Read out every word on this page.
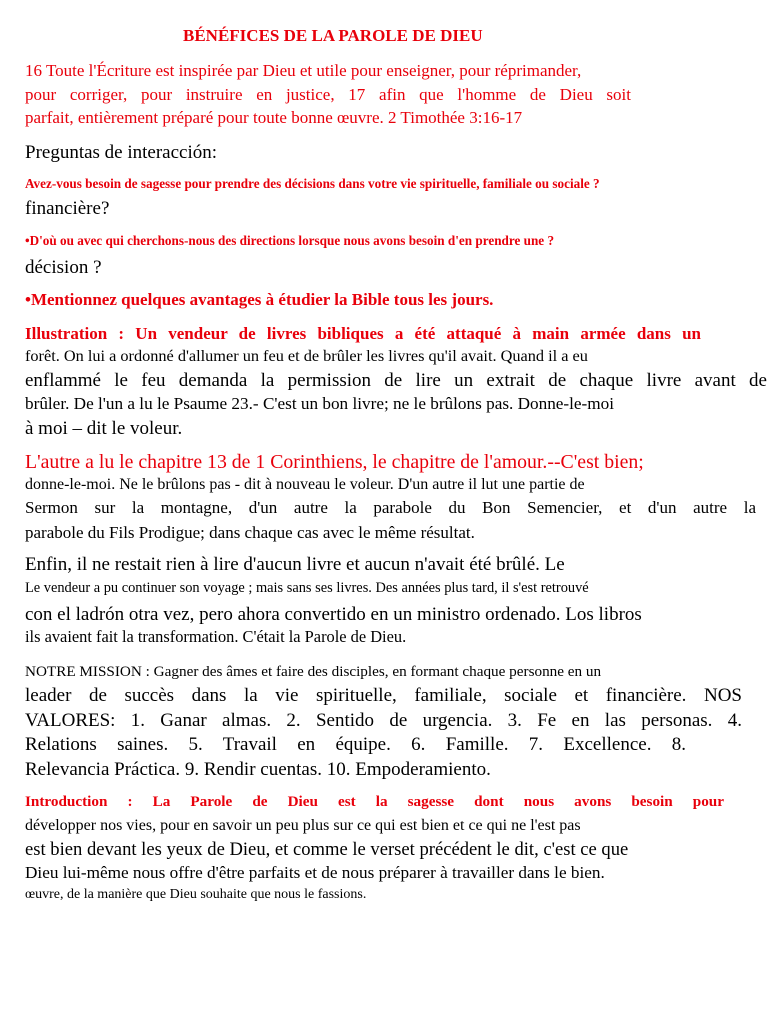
BÉNÉFICES DE LA PAROLE DE DIEU
16 Toute l'Écriture est inspirée par Dieu et utile pour enseigner, pour réprimander,
pour corriger, pour instruire en justice, 17 afin que l'homme de Dieu soit
parfait, entièrement préparé pour toute bonne œuvre. 2 Timothée 3:16-17
Preguntas de interacción:
Avez-vous besoin de sagesse pour prendre des décisions dans votre vie spirituelle, familiale ou sociale ?
financière?
•D'où ou avec qui cherchons-nous des directions lorsque nous avons besoin d'en prendre une ?
décision ?
•Mentionnez quelques avantages à étudier la Bible tous les jours.
Illustration : Un vendeur de livres bibliques a été attaqué à main armée dans un
forêt. On lui a ordonné d'allumer un feu et de brûler les livres qu'il avait. Quand il a eu
enflammé le feu demanda la permission de lire un extrait de chaque livre avant de
brûler. De l'un a lu le Psaume 23.- C'est un bon livre; ne le brûlons pas. Donne-le-moi
à moi – dit le voleur.
L'autre a lu le chapitre 13 de 1 Corinthiens, le chapitre de l'amour.--C'est bien;
donne-le-moi. Ne le brûlons pas - dit à nouveau le voleur. D'un autre il lut une partie de
Sermon sur la montagne, d'un autre la parabole du Bon Semencier, et d'un autre la
parabole du Fils Prodigue; dans chaque cas avec le même résultat.
Enfin, il ne restait rien à lire d'aucun livre et aucun n'avait été brûlé. Le
Le vendeur a pu continuer son voyage ; mais sans ses livres. Des années plus tard, il s'est retrouvé
con el ladrón otra vez, pero ahora convertido en un ministro ordenado. Los libros
ils avaient fait la transformation. C'était la Parole de Dieu.
NOTRE MISSION : Gagner des âmes et faire des disciples, en formant chaque personne en un
leader de succès dans la vie spirituelle, familiale, sociale et financière. NOS
VALORES: 1. Ganar almas. 2. Sentido de urgencia. 3. Fe en las personas. 4.
Relations saines. 5. Travail en équipe. 6. Famille. 7. Excellence. 8.
Relevancia Práctica. 9. Rendir cuentas. 10. Empoderamiento.
Introduction : La Parole de Dieu est la sagesse dont nous avons besoin pour
développer nos vies, pour en savoir un peu plus sur ce qui est bien et ce qui ne l'est pas
est bien devant les yeux de Dieu, et comme le verset précédent le dit, c'est ce que
Dieu lui-même nous offre d'être parfaits et de nous préparer à travailler dans le bien.
œuvre, de la manière que Dieu souhaite que nous le fassions.
